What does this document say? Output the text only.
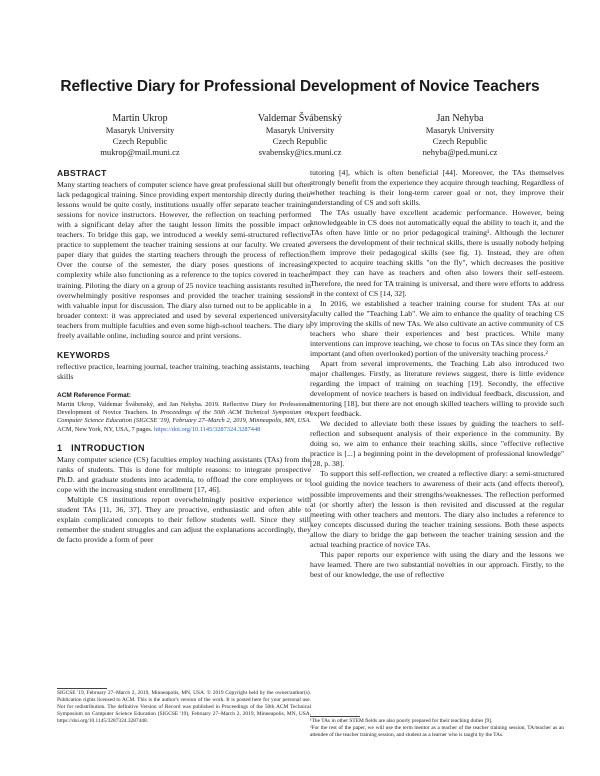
Reflective Diary for Professional Development of Novice Teachers
Martin Ukrop
Masaryk University
Czech Republic
mukrop@mail.muni.cz
Valdemar Švábenský
Masaryk University
Czech Republic
svabensky@ics.muni.cz
Jan Nehyba
Masaryk University
Czech Republic
nehyba@ped.muni.cz
ABSTRACT

Many starting teachers of computer science have great professional skill but often lack pedagogical training. Since providing expert mentorship directly during their lessons would be quite costly, institutions usually offer separate teacher training sessions for novice instructors. However, the reflection on teaching performed with a significant delay after the taught lesson limits the possible impact on teachers. To bridge this gap, we introduced a weekly semi-structured reflective practice to supplement the teacher training sessions at our faculty. We created a paper diary that guides the starting teachers through the process of reflection. Over the course of the semester, the diary poses questions of increasing complexity while also functioning as a reference to the topics covered in teacher training. Piloting the diary on a group of 25 novice teaching assistants resulted in overwhelmingly positive responses and provided the teacher training sessions with valuable input for discussion. The diary also turned out to be applicable in a broader context: it was appreciated and used by several experienced university teachers from multiple faculties and even some high-school teachers. The diary is freely available online, including source and print versions.

KEYWORDS

reflective practice, learning journal, teacher training, teaching assistants, teaching skills

ACM Reference Format:
Martin Ukrop, Valdemar Švábenský, and Jan Nehyba. 2019. Reflective Diary for Professional Development of Novice Teachers. In Proceedings of the 50th ACM Technical Symposium on Computer Science Education (SIGCSE '19), February 27–March 2, 2019, Minneapolis, MN, USA. ACM, New York, NY, USA, 7 pages. https://doi.org/10.1145/3287324.3287448
1   INTRODUCTION

Many computer science (CS) faculties employ teaching assistants (TAs) from the ranks of students. This is done for multiple reasons: to integrate prospective Ph.D. and graduate students into academia, to offload the core employees or to cope with the increasing student enrollment [17, 46].

Multiple CS institutions report overwhelmingly positive experience with student TAs [11, 36, 37]. They are proactive, enthusiastic and often able to explain complicated concepts to their fellow students well. Since they still remember the student struggles and can adjust the explanations accordingly, they de facto provide a form of peer

tutoring [4], which is often beneficial [44]. Moreover, the TAs themselves strongly benefit from the experience they acquire through teaching. Regardless of whether teaching is their long-term career goal or not, they improve their understanding of CS and soft skills.

The TAs usually have excellent academic performance. However, being knowledgeable in CS does not automatically equal the ability to teach it, and the TAs often have little or no prior pedagogical training¹. Although the lecturer oversees the development of their technical skills, there is usually nobody helping them improve their pedagogical skills (see fig. 1). Instead, they are often expected to acquire teaching skills "on the fly", which decreases the positive impact they can have as teachers and often also lowers their self-esteem. Therefore, the need for TA training is universal, and there were efforts to address it in the context of CS [14, 32].

In 2016, we established a teacher training course for student TAs at our faculty called the "Teaching Lab". We aim to enhance the quality of teaching CS by improving the skills of new TAs. We also cultivate an active community of CS teachers who share their experiences and best practices. While many interventions can improve teaching, we chose to focus on TAs since they form an important (and often overlooked) portion of the university teaching process.²

Apart from several improvements, the Teaching Lab also introduced two major challenges. Firstly, as literature reviews suggest, there is little evidence regarding the impact of training on teaching [19]. Secondly, the effective development of novice teachers is based on individual feedback, discussion, and mentoring [18], but there are not enough skilled teachers willing to provide such expert feedback.

We decided to alleviate both these issues by guiding the teachers to self-reflection and subsequent analysis of their experience in the community. By doing so, we aim to enhance their teaching skills, since "effective reflective practice is [...] a beginning point in the development of professional knowledge" [28, p. 38].

To support this self-reflection, we created a reflective diary: a semi-structured tool guiding the novice teachers to awareness of their acts (and effects thereof), possible improvements and their strengths/weaknesses. The reflection performed at (or shortly after) the lesson is then revisited and discussed at the regular meeting with other teachers and mentors. The diary also includes a reference to key concepts discussed during the teacher training sessions. Both these aspects allow the diary to bridge the gap between the teacher training session and the actual teaching practice of novice TAs.

This paper reports our experience with using the diary and the lessons we have learned. There are two substantial novelties in our approach. Firstly, to the best of our knowledge, the use of reflective

SIGCSE '19, February 27–March 2, 2019, Minneapolis, MN, USA. © 2019 Copyright held by the owner/author(s). Publication rights licensed to ACM. This is the author's version of the work. It is posted here for your personal use. Not for redistribution. The definitive Version of Record was published in Proceedings of the 50th ACM Technical Symposium on Computer Science Education (SIGCSE '19), February 27–March 2, 2019, Minneapolis, MN, USA, https://doi.org/10.1145/3287324.3287448.	¹The TAs in other STEM fields are also poorly prepared for their teaching duties [9].
²For the rest of the paper, we will use the term mentor as a teacher of the teacher training session, TA/teacher as an attendee of the teacher training session, and student as a learner who is taught by the TAs.
